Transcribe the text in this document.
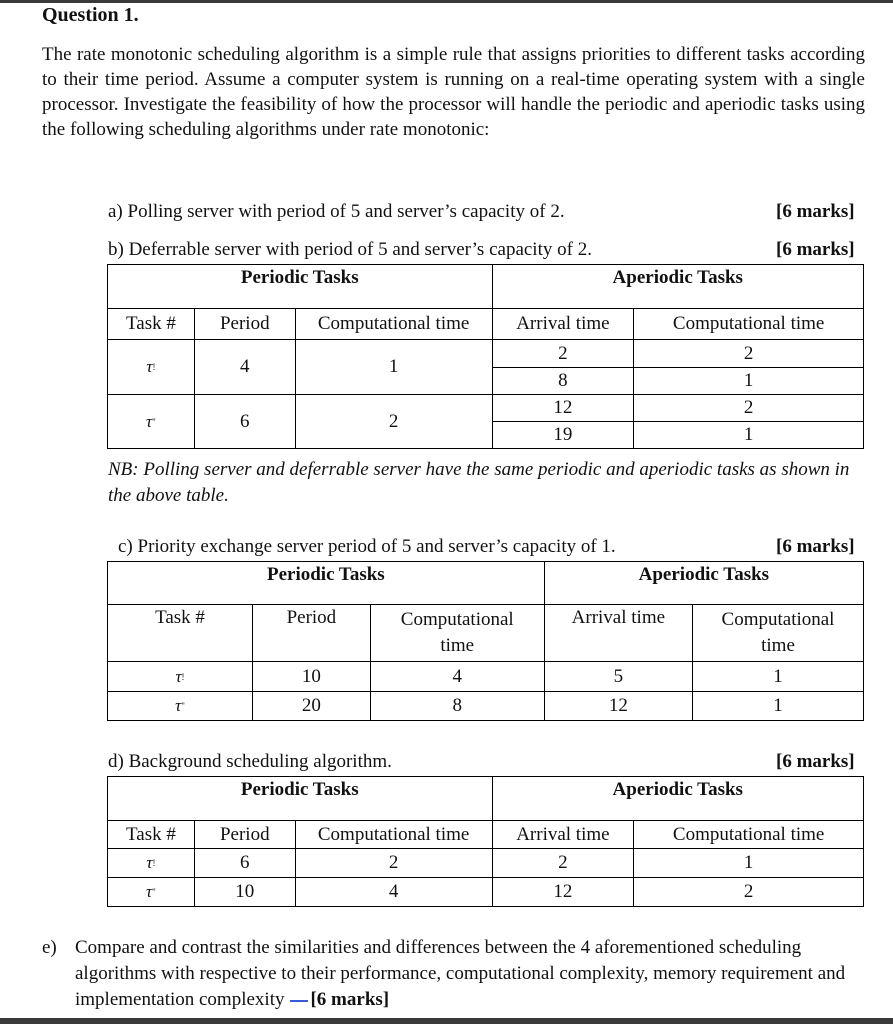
Question 1.
The rate monotonic scheduling algorithm is a simple rule that assigns priorities to different tasks according to their time period. Assume a computer system is running on a real-time operating system with a single processor. Investigate the feasibility of how the processor will handle the periodic and aperiodic tasks using the following scheduling algorithms under rate monotonic:
a) Polling server with period of 5 and server’s capacity of 2.	[6 marks]
b) Deferrable server with period of 5 and server’s capacity of 2.	[6 marks]
Periodic Tasks			Aperiodic Tasks	
Task #	Period	Computational time	Arrival time	Computational time
$\tau_!$	4	1	2	2
			8	1
$\tau_"$	6	2	12	2
			19	1
NB: Polling server and deferrable server have the same periodic and aperiodic tasks as shown in the above table.
c) Priority exchange server period of 5 and server’s capacity of 1.	[6 marks]
Periodic Tasks			Aperiodic Tasks	
Task #	Period	Computational time	Arrival time	Computational time
$\tau_!$	10	4	5	1
$\tau_"$	20	8	12	1
d) Background scheduling algorithm.	[6 marks]
Periodic Tasks			Aperiodic Tasks	
Task #	Period	Computational time	Arrival time	Computational time
$\tau_!$	6	2	2	1
$\tau_"$	10	4	12	2
e) Compare and contrast the similarities and differences between the 4 aforementioned scheduling algorithms with respective to their performance, computational complexity, memory requirement and implementation complexity [6 marks]
